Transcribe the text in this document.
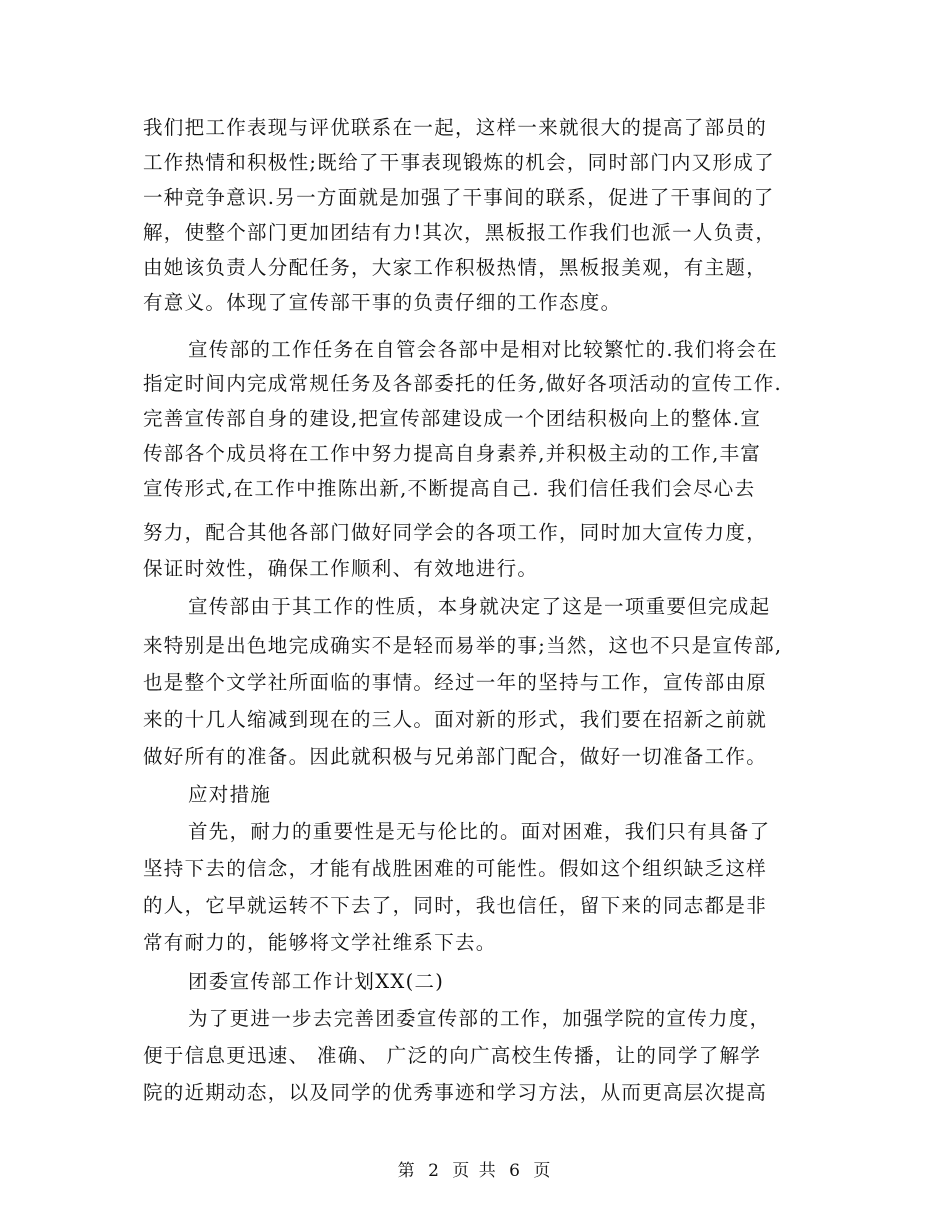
我们把工作表现与评优联系在一起，这样一来就很大的提高了部员的
工作热情和积极性;既给了干事表现锻炼的机会，同时部门内又形成了
一种竞争意识.另一方面就是加强了干事间的联系，促进了干事间的了
解，使整个部门更加团结有力!其次，黑板报工作我们也派一人负责，
由她该负责人分配任务，大家工作积极热情，黑板报美观，有主题，
有意义。体现了宣传部干事的负责仔细的工作态度。
宣传部的工作任务在自管会各部中是相对比较繁忙的.我们将会在
指定时间内完成常规任务及各部委托的任务,做好各项活动的宣传工作.
完善宣传部自身的建设,把宣传部建设成一个团结积极向上的整体.宣
传部各个成员将在工作中努力提高自身素养,并积极主动的工作,丰富
宣传形式,在工作中推陈出新,不断提高自己. 我们信任我们会尽心去
努力，配合其他各部门做好同学会的各项工作，同时加大宣传力度，
保证时效性，确保工作顺利、有效地进行。
宣传部由于其工作的性质，本身就决定了这是一项重要但完成起
来特别是出色地完成确实不是轻而易举的事;当然，这也不只是宣传部,
也是整个文学社所面临的事情。经过一年的坚持与工作，宣传部由原
来的十几人缩减到现在的三人。面对新的形式，我们要在招新之前就
做好所有的准备。因此就积极与兄弟部门配合，做好一切准备工作。
应对措施
首先，耐力的重要性是无与伦比的。面对困难，我们只有具备了
坚持下去的信念，才能有战胜困难的可能性。假如这个组织缺乏这样
的人，它早就运转不下去了，同时，我也信任，留下来的同志都是非
常有耐力的，能够将文学社维系下去。
团委宣传部工作计划XX(二)
为了更进一步去完善团委宣传部的工作，加强学院的宣传力度，
便于信息更迅速、 准确、 广泛的向广高校生传播，让的同学了解学
院的近期动态，以及同学的优秀事迹和学习方法，从而更高层次提高
第 2 页 共 6 页
